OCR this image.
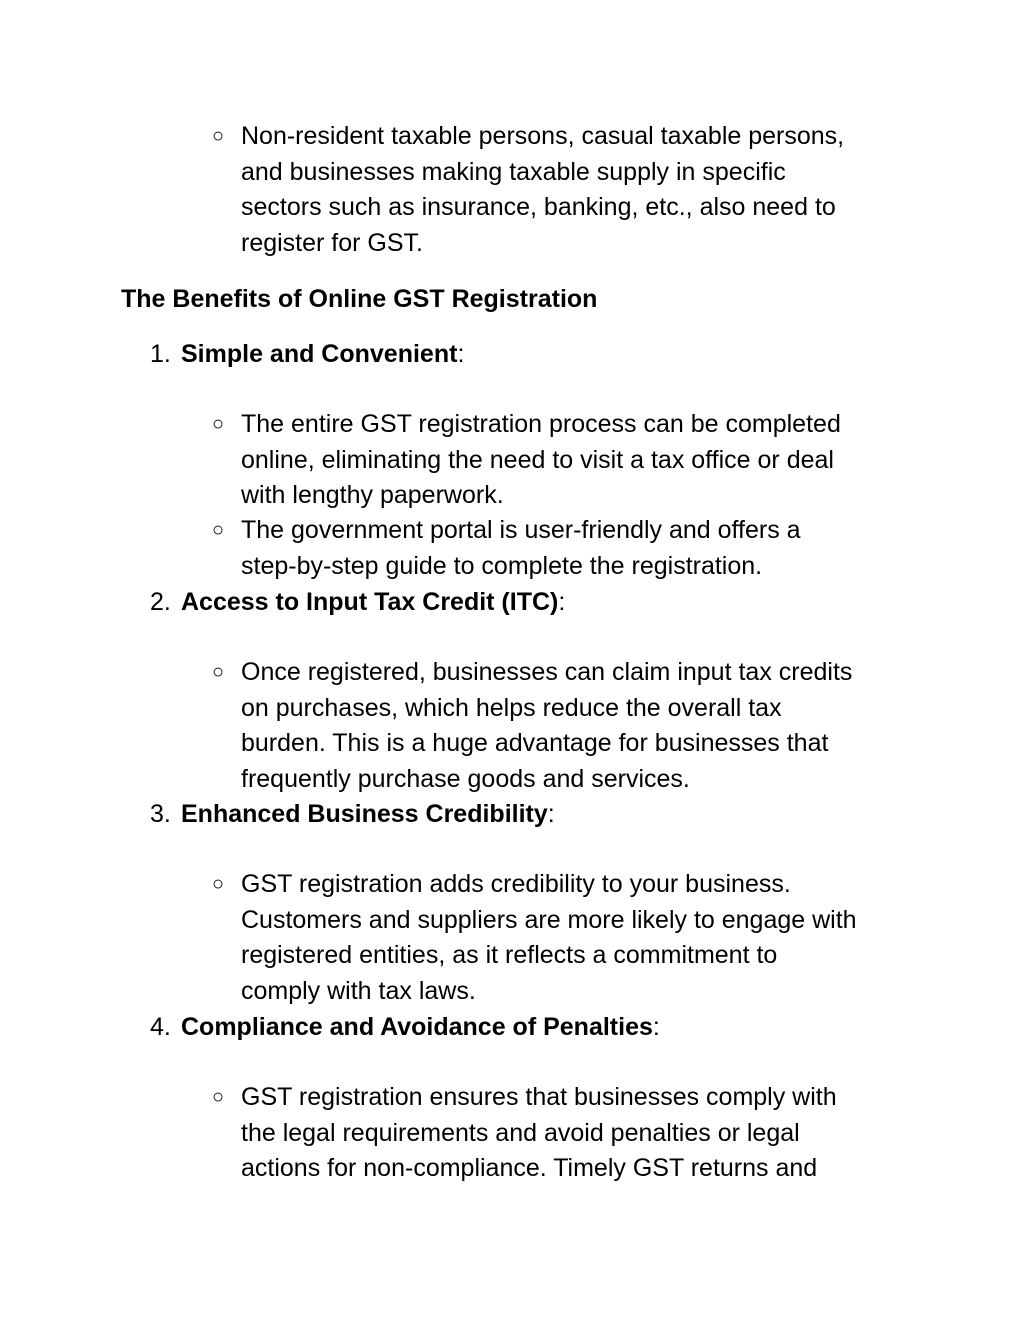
○ Non-resident taxable persons, casual taxable persons,
and businesses making taxable supply in specific
sectors such as insurance, banking, etc., also need to
register for GST.
The Benefits of Online GST Registration
1. Simple and Convenient:
○ The entire GST registration process can be completed
online, eliminating the need to visit a tax office or deal
with lengthy paperwork.
○ The government portal is user-friendly and offers a
step-by-step guide to complete the registration.
2. Access to Input Tax Credit (ITC):
○ Once registered, businesses can claim input tax credits
on purchases, which helps reduce the overall tax
burden. This is a huge advantage for businesses that
frequently purchase goods and services.
3. Enhanced Business Credibility:
○ GST registration adds credibility to your business.
Customers and suppliers are more likely to engage with
registered entities, as it reflects a commitment to
comply with tax laws.
4. Compliance and Avoidance of Penalties:
○ GST registration ensures that businesses comply with
the legal requirements and avoid penalties or legal
actions for non-compliance. Timely GST returns and
